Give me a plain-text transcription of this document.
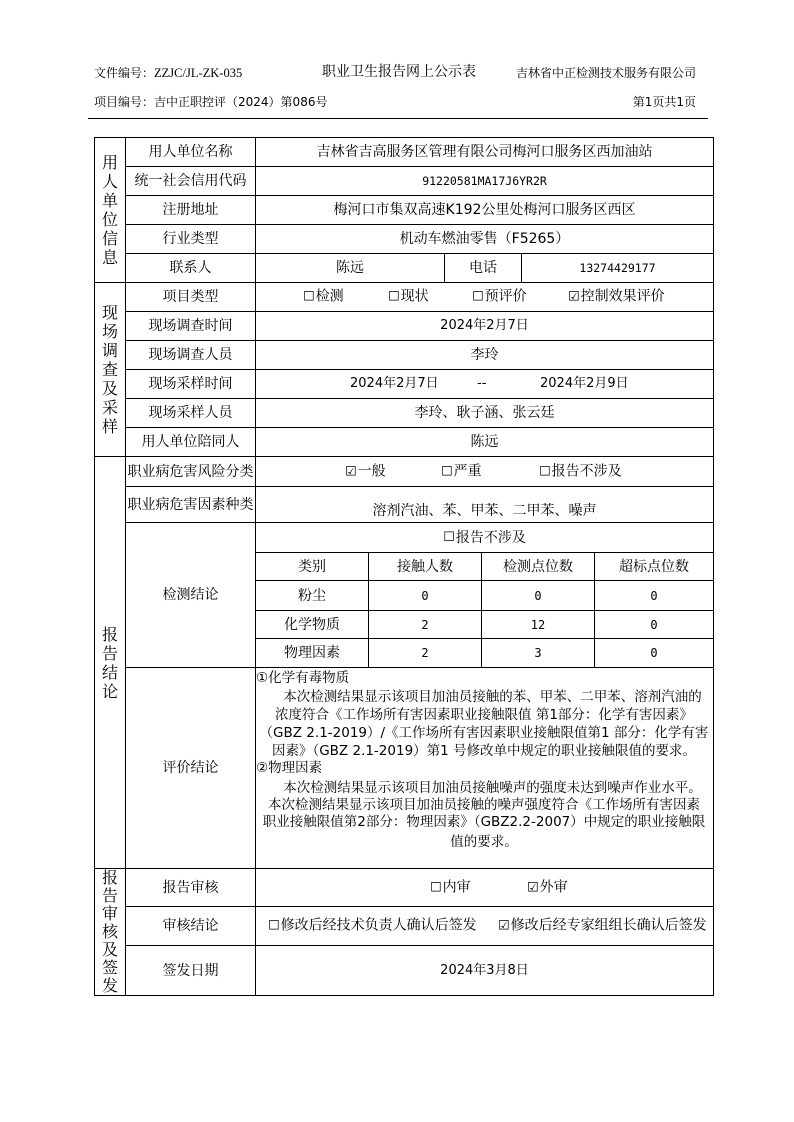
文件编号：ZZJC/JL-ZK-035	职业卫生报告网上公示表	吉林省中正检测技术服务有限公司
项目编号：吉中正职控评（2024）第086号	第1页共1页
用人单位信息
现场调查及采样
报告结论
报告审核及签发
用人单位名称	吉林省吉高服务区管理有限公司梅河口服务区西加油站
统一社会信用代码	91220581MA17J6YR2R
注册地址	梅河口市集双高速K192公里处梅河口服务区西区
行业类型	机动车燃油零售（F5265）
联系人	陈远	电话	13274429177
项目类型	☐检测	☐现状	☐预评价	☑控制效果评价
现场调查时间	2024年2月7日
现场调查人员	李玲
现场采样时间	2024年2月7日	--	2024年2月9日
现场采样人员	李玲、耿子涵、张云廷
用人单位陪同人	陈远
职业病危害风险分类	☑一般	☐严重	☐报告不涉及
职业病危害因素种类	溶剂汽油、苯、甲苯、二甲苯、噪声
检测结论
☐ 报告不涉及
类别	接触人数	检测点位数	超标点位数
粉尘	0	0	0
化学物质	2	12	0
物理因素	2	3	0
评价结论
①化学有毒物质
本次检测结果显示该项目加油员接触的苯、甲苯、二甲苯、溶剂汽油的
浓度符合《工作场所有害因素职业接触限值 第1部分：化学有害因素》
（GBZ 2.1-2019）/《工作场所有害因素职业接触限值第1 部分：化学有害
因素》（GBZ 2.1-2019）第1 号修改单中规定的职业接触限值的要求。
②物理因素
本次检测结果显示该项目加油员接触噪声的强度未达到噪声作业水平。
本次检测结果显示该项目加油员接触的噪声强度符合《工作场所有害因素
职业接触限值第2部分：物理因素》（GBZ2.2-2007）中规定的职业接触限
值的要求。
报告审核	☐内审	☑外审
审核结论	☐修改后经技术负责人确认后签发 ☑修改后经专家组组长确认后签发
签发日期	2024年3月8日
